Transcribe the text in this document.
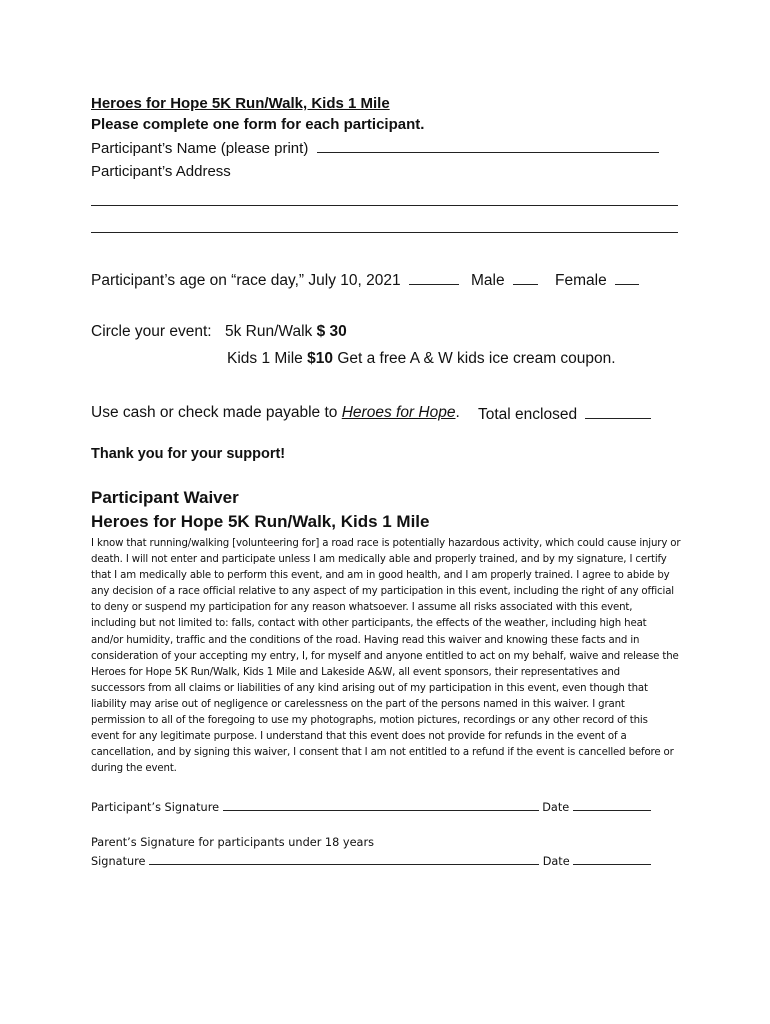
Heroes for Hope 5K Run/Walk, Kids 1 Mile
Please complete one form for each participant.
Participant’s Name (please print)
Participant’s Address
Participant’s age on “race day,” July 10, 2021	Male	Female
Circle your event: 5k Run/Walk $ 30
Kids 1 Mile $10 Get a free A & W kids ice cream coupon.
Use cash or check made payable to Heroes for Hope. Total enclosed
Thank you for your support!
Participant Waiver
Heroes for Hope 5K Run/Walk, Kids 1 Mile
I know that running/walking [volunteering for] a road race is potentially hazardous activity, which could cause injury or
death. I will not enter and participate unless I am medically able and properly trained, and by my signature, I certify
that I am medically able to perform this event, and am in good health, and I am properly trained. I agree to abide by
any decision of a race official relative to any aspect of my participation in this event, including the right of any official
to deny or suspend my participation for any reason whatsoever. I assume all risks associated with this event,
including but not limited to: falls, contact with other participants, the effects of the weather, including high heat
and/or humidity, traffic and the conditions of the road. Having read this waiver and knowing these facts and in
consideration of your accepting my entry, I, for myself and anyone entitled to act on my behalf, waive and release the
Heroes for Hope 5K Run/Walk, Kids 1 Mile and Lakeside A&W, all event sponsors, their representatives and
successors from all claims or liabilities of any kind arising out of my participation in this event, even though that
liability may arise out of negligence or carelessness on the part of the persons named in this waiver. I grant
permission to all of the foregoing to use my photographs, motion pictures, recordings or any other record of this
event for any legitimate purpose. I understand that this event does not provide for refunds in the event of a
cancellation, and by signing this waiver, I consent that I am not entitled to a refund if the event is cancelled before or
during the event.
Participant’s Signature	Date
Parent’s Signature for participants under 18 years
Signature	Date
